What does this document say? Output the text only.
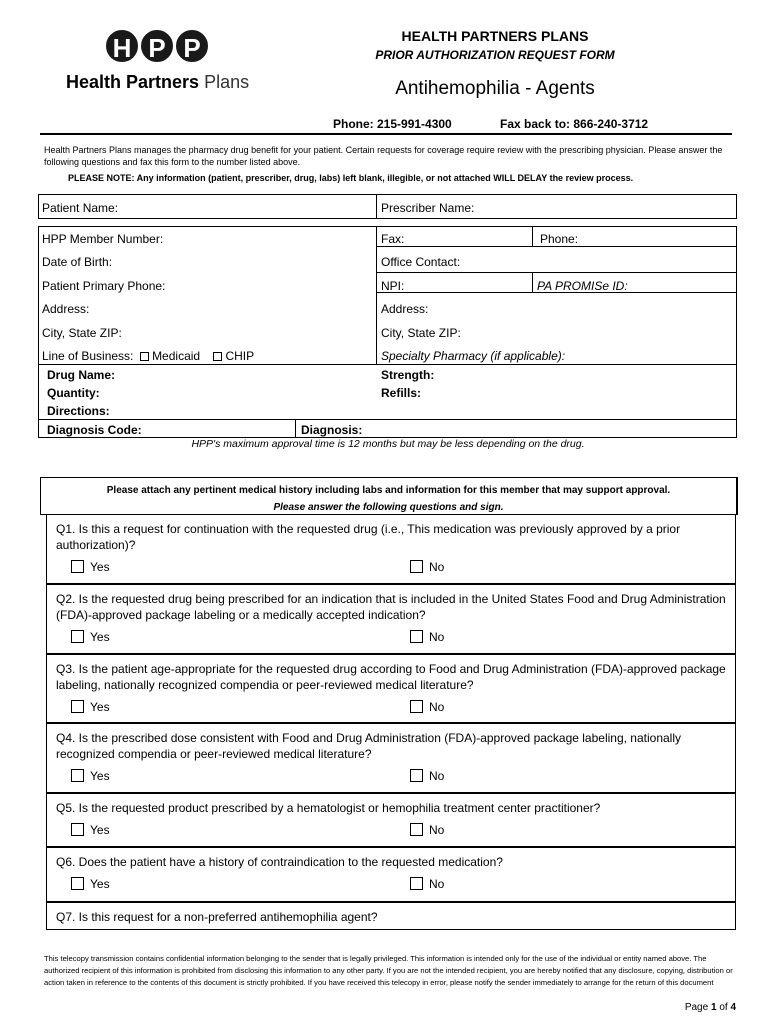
H P P
Health Partners Plans
HEALTH PARTNERS PLANS
PRIOR AUTHORIZATION REQUEST FORM
Antihemophilia - Agents
Phone: 215-991-4300	Fax back to: 866-240-3712
Health Partners Plans manages the pharmacy drug benefit for your patient. Certain requests for coverage require review with the prescribing physician. Please answer the following questions and fax this form to the number listed above.
PLEASE NOTE: Any information (patient, prescriber, drug, labs) left blank, illegible, or not attached WILL DELAY the review process.
Patient Name:	Prescriber Name:
HPP Member Number:	Fax:	Phone:
Date of Birth:	Office Contact:
Patient Primary Phone:	NPI:	PA PROMISe ID:
Address:	Address:
City, State ZIP:	City, State ZIP:
Line of Business: Medicaid CHIP	Specialty Pharmacy (if applicable):
Drug Name:	Strength:
Quantity:	Refills:
Directions:
Diagnosis Code:	Diagnosis:
HPP's maximum approval time is 12 months but may be less depending on the drug.
Please attach any pertinent medical history including labs and information for this member that may support approval.
Please answer the following questions and sign.
Q1. Is this a request for continuation with the requested drug (i.e., This medication was previously approved by a prior authorization)?
Yes	No
Q2. Is the requested drug being prescribed for an indication that is included in the United States Food and Drug Administration (FDA)-approved package labeling or a medically accepted indication?
Yes	No
Q3. Is the patient age-appropriate for the requested drug according to Food and Drug Administration (FDA)-approved package labeling, nationally recognized compendia or peer-reviewed medical literature?
Yes	No
Q4. Is the prescribed dose consistent with Food and Drug Administration (FDA)-approved package labeling, nationally recognized compendia or peer-reviewed medical literature?
Yes	No
Q5. Is the requested product prescribed by a hematologist or hemophilia treatment center practitioner?
Yes	No
Q6. Does the patient have a history of contraindication to the requested medication?
Yes	No
Q7. Is this request for a non-preferred antihemophilia agent?
This telecopy transmission contains confidential information belonging to the sender that is legally privileged. This information is intended only for the use of the individual or entity named above. The authorized recipient of this information is prohibited from disclosing this information to any other party. If you are not the intended recipient, you are hereby notified that any disclosure, copying, distribution or action taken in reference to the contents of this document is strictly prohibited. If you have received this telecopy in error, please notify the sender immediately to arrange for the return of this document
Page 1 of 4
